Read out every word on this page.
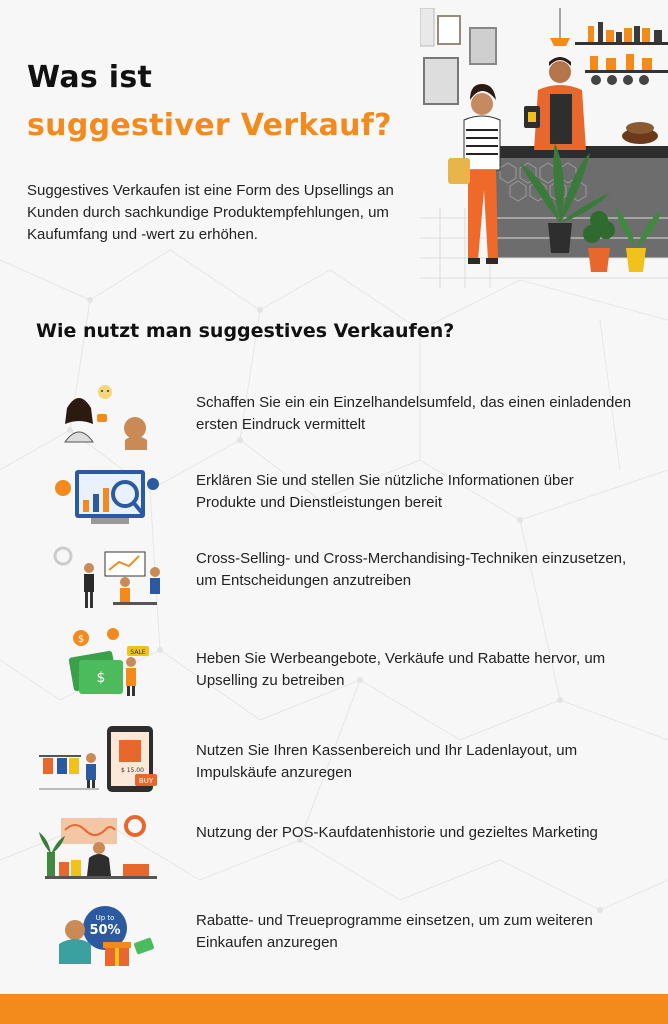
Was ist
suggestiver Verkauf?

Suggestives Verkaufen ist eine Form des Upsellings an Kunden durch sachkundige Produktempfehlungen, um Kaufumfang und -wert zu erhöhen.

Wie nutzt man suggestives Verkaufen?

Schaffen Sie ein ein Einzelhandelsumfeld, das einen einladenden ersten Eindruck vermittelt

Erklären Sie und stellen Sie nützliche Informationen über Produkte und Dienstleistungen bereit

Cross-Selling- und Cross-Merchandising-Techniken einzusetzen, um Entscheidungen anzutreiben

$
$
SALE	Heben Sie Werbeangebote, Verkäufe und Rabatte hervor, um Upselling zu betreiben

$ 15.00
BUY

Nutzen Sie Ihren Kassenbereich und Ihr Ladenlayout, um Impulskäufe anzuregen

Nutzung der POS-Kaufdatenhistorie und gezieltes Marketing

Up to
50%

Rabatte- und Treueprogramme einsetzen, um zum weiteren Einkaufen anzuregen
